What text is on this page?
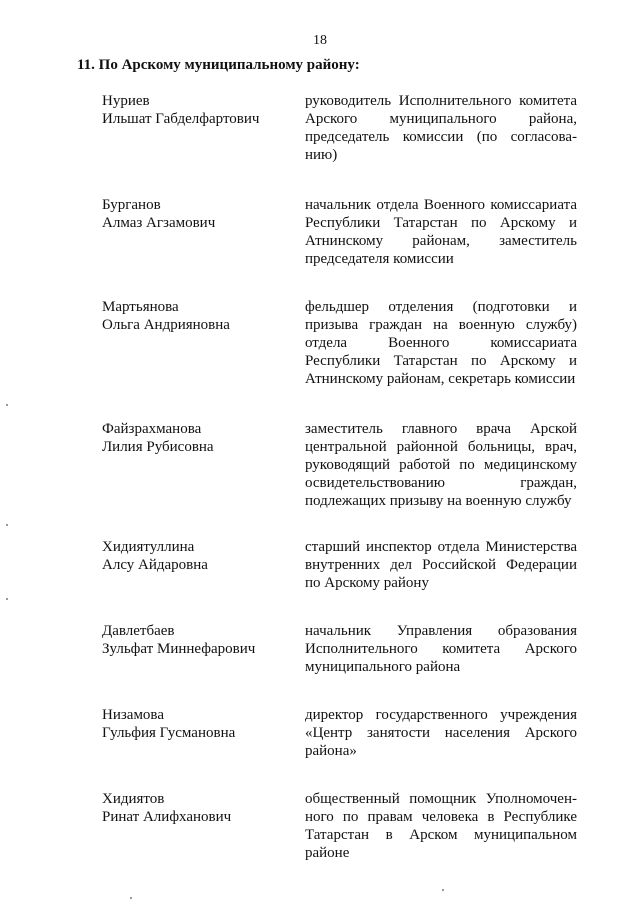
18
11. По Арскому муниципальному району:
Нуриев
Ильшат Габделфартович
руководитель Исполнительного комитета Арского муниципального района, председатель комиссии (по согласова-нию)
Бурганов
Алмаз Агзамович
начальник отдела Военного комиссариата Республики Татарстан по Арскому и Атнинскому районам, заместитель председателя комиссии
Мартьянова
Ольга Андрияновна
фельдшер отделения (подготовки и призыва граждан на военную службу) отдела Военного комиссариата Республики Татарстан по Арскому и Атнинскому районам, секретарь комиссии
Файзрахманова
Лилия Рубисовна
заместитель главного врача Арской центральной районной больницы, врач, руководящий работой по медицинскому освидетельствованию граждан, подлежащих призыву на военную службу
Хидиятуллина
Алсу Айдаровна
старший инспектор отдела Министерства внутренних дел Российской Федерации по Арскому району
Давлетбаев
Зульфат Миннефарович
начальник Управления образования Исполнительного комитета Арского муниципального района
Низамова
Гульфия Гусмановна
директор государственного учреждения «Центр занятости населения Арского района»
Хидиятов
Ринат Алифханович
общественный помощник Уполномочен-ного по правам человека в Республике Татарстан в Арском муниципальном районе
